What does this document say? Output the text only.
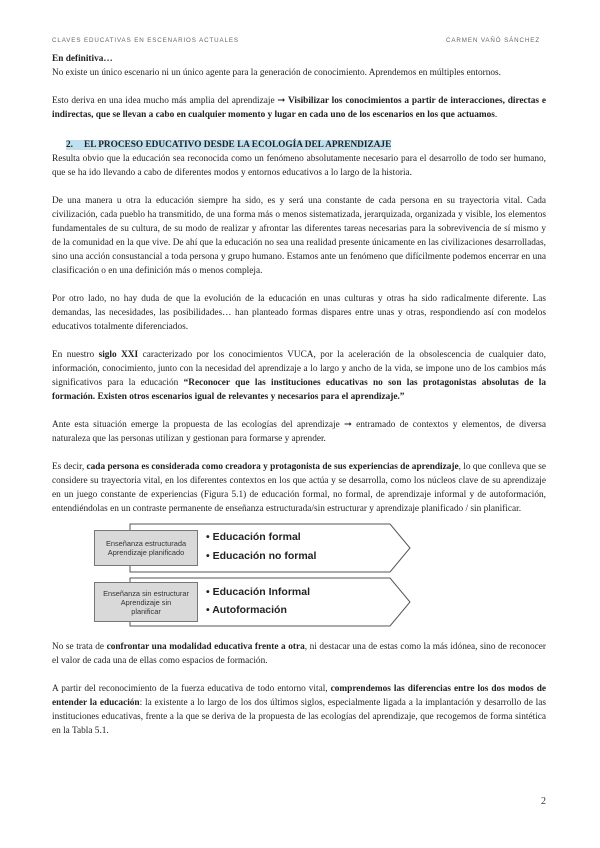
CLAVES EDUCATIVAS EN ESCENARIOS ACTUALES	CARMEN VAÑÓ SÁNCHEZ

En definitiva…

No existe un único escenario ni un único agente para la generación de conocimiento. Aprendemos en múltiples entornos.

Esto deriva en una idea mucho más amplia del aprendizaje ➞ Visibilizar los conocimientos a partir de interacciones, directas e indirectas, que se llevan a cabo en cualquier momento y lugar en cada uno de los escenarios en los que actuamos.

2. EL PROCESO EDUCATIVO DESDE LA ECOLOGÍA DEL APRENDIZAJE

Resulta obvio que la educación sea reconocida como un fenómeno absolutamente necesario para el desarrollo de todo ser humano, que se ha ido llevando a cabo de diferentes modos y entornos educativos a lo largo de la historia.

De una manera u otra la educación siempre ha sido, es y será una constante de cada persona en su trayectoria vital. Cada civilización, cada pueblo ha transmitido, de una forma más o menos sistematizada, jerarquizada, organizada y visible, los elementos fundamentales de su cultura, de su modo de realizar y afrontar las diferentes tareas necesarias para la sobrevivencia de sí mismo y de la comunidad en la que vive. De ahí que la educación no sea una realidad presente únicamente en las civilizaciones desarrolladas, sino una acción consustancial a toda persona y grupo humano. Estamos ante un fenómeno que difícilmente podemos encerrar en una clasificación o en una definición más o menos compleja.

Por otro lado, no hay duda de que la evolución de la educación en unas culturas y otras ha sido radicalmente diferente. Las demandas, las necesidades, las posibilidades… han planteado formas dispares entre unas y otras, respondiendo así con modelos educativos totalmente diferenciados.

En nuestro siglo XXI caracterizado por los conocimientos VUCA, por la aceleración de la obsolescencia de cualquier dato, información, conocimiento, junto con la necesidad del aprendizaje a lo largo y ancho de la vida, se impone uno de los cambios más significativos para la educación “Reconocer que las instituciones educativas no son las protagonistas absolutas de la formación. Existen otros escenarios igual de relevantes y necesarios para el aprendizaje.”

Ante esta situación emerge la propuesta de las ecologías del aprendizaje ➞ entramado de contextos y elementos, de diversa naturaleza que las personas utilizan y gestionan para formarse y aprender.

Es decir, cada persona es considerada como creadora y protagonista de sus experiencias de aprendizaje, lo que conlleva que se considere su trayectoria vital, en los diferentes contextos en los que actúa y se desarrolla, como los núcleos clave de su aprendizaje en un juego constante de experiencias (Figura 5.1) de educación formal, no formal, de aprendizaje informal y de autoformación, entendiéndolas en un contraste permanente de enseñanza estructurada/sin estructurar y aprendizaje planificado / sin planificar.

Enseñanza estructurada
Aprendizaje planificado
• Educación formal
• Educación no formal
Enseñanza sin estructurar
Aprendizaje sin
planificar
• Educación Informal
• Autoformación

No se trata de confrontar una modalidad educativa frente a otra, ni destacar una de estas como la más idónea, sino de reconocer el valor de cada una de ellas como espacios de formación.

A partir del reconocimiento de la fuerza educativa de todo entorno vital, comprendemos las diferencias entre los dos modos de entender la educación: la existente a lo largo de los dos últimos siglos, especialmente ligada a la implantación y desarrollo de las instituciones educativas, frente a la que se deriva de la propuesta de las ecologías del aprendizaje, que recogemos de forma sintética en la Tabla 5.1.

2
